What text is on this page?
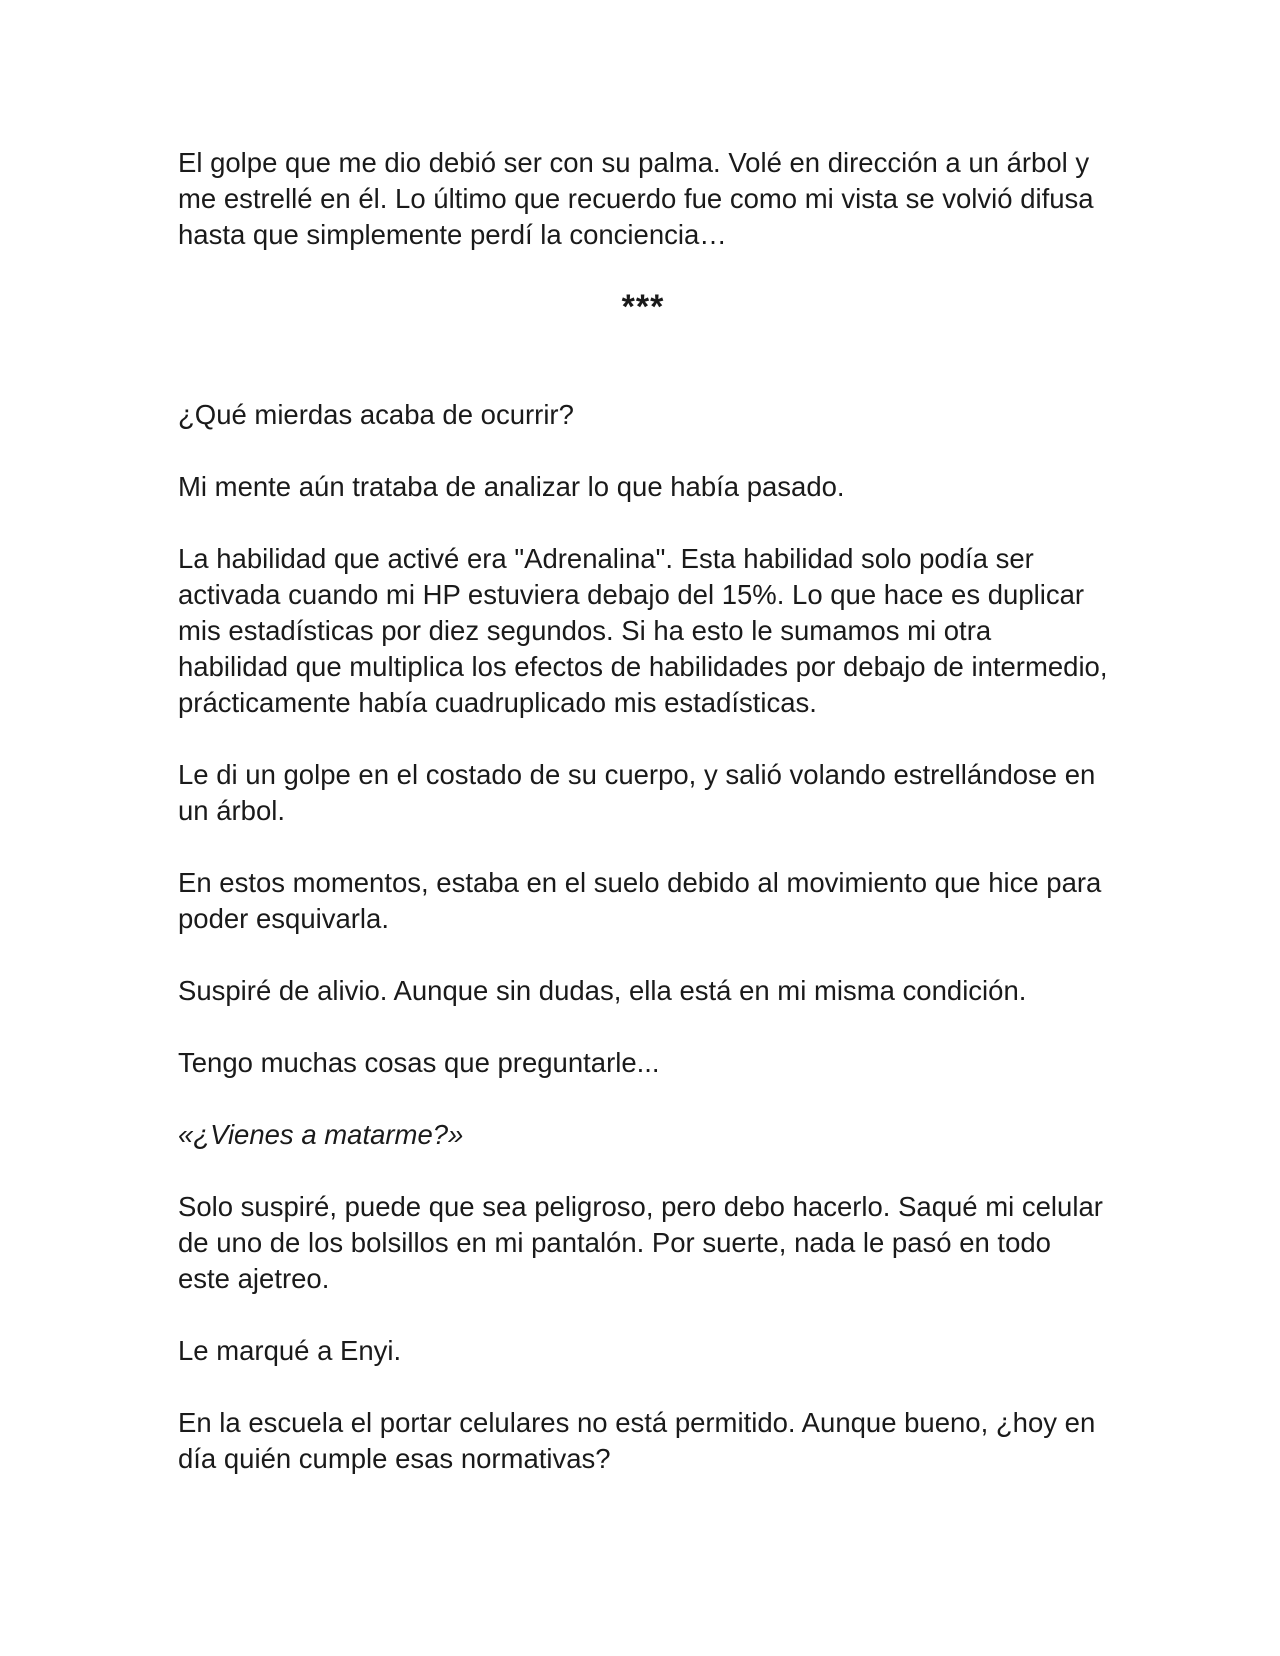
El golpe que me dio debió ser con su palma. Volé en dirección a un árbol y me estrellé en él. Lo último que recuerdo fue como mi vista se volvió difusa hasta que simplemente perdí la conciencia…

***

¿Qué mierdas acaba de ocurrir?

Mi mente aún trataba de analizar lo que había pasado.

La habilidad que activé era "Adrenalina". Esta habilidad solo podía ser activada cuando mi HP estuviera debajo del 15%. Lo que hace es duplicar mis estadísticas por diez segundos. Si ha esto le sumamos mi otra habilidad que multiplica los efectos de habilidades por debajo de intermedio, prácticamente había cuadruplicado mis estadísticas.

Le di un golpe en el costado de su cuerpo, y salió volando estrellándose en un árbol.

En estos momentos, estaba en el suelo debido al movimiento que hice para poder esquivarla.

Suspiré de alivio. Aunque sin dudas, ella está en mi misma condición.

Tengo muchas cosas que preguntarle...

«¿Vienes a matarme?»

Solo suspiré, puede que sea peligroso, pero debo hacerlo. Saqué mi celular de uno de los bolsillos en mi pantalón. Por suerte, nada le pasó en todo este ajetreo.

Le marqué a Enyi.

En la escuela el portar celulares no está permitido. Aunque bueno, ¿hoy en día quién cumple esas normativas?
